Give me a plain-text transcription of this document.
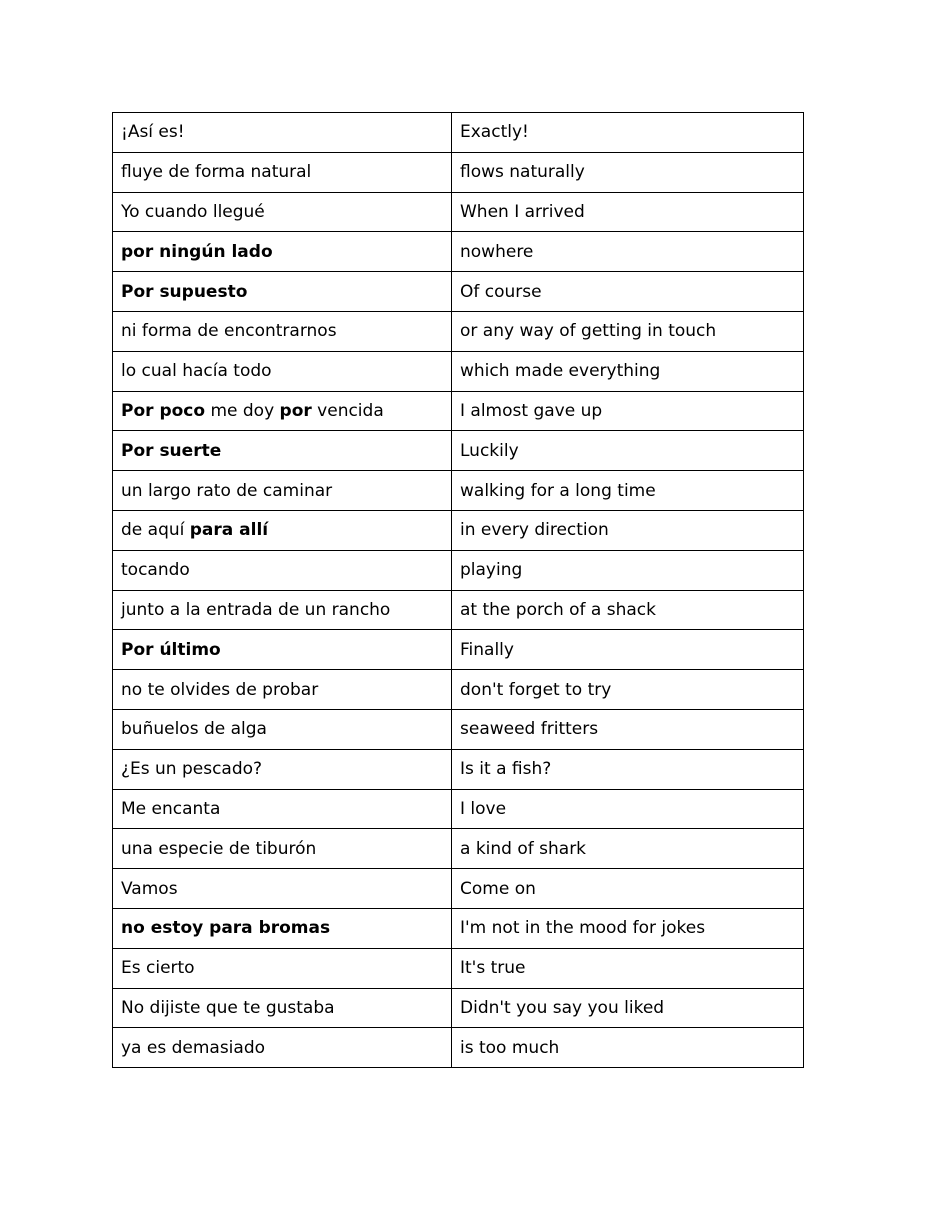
¡Así es!	Exactly!
fluye de forma natural	flows naturally
Yo cuando llegué	When I arrived
por ningún lado	nowhere
Por supuesto	Of course
ni forma de encontrarnos	or any way of getting in touch
lo cual hacía todo	which made everything
Por poco me doy por vencida	I almost gave up
Por suerte	Luckily
un largo rato de caminar	walking for a long time
de aquí para allí	in every direction
tocando	playing
junto a la entrada de un rancho	at the porch of a shack
Por último	Finally
no te olvides de probar	don't forget to try
buñuelos de alga	seaweed fritters
¿Es un pescado?	Is it a fish?
Me encanta	I love
una especie de tiburón	a kind of shark
Vamos	Come on
no estoy para bromas	I'm not in the mood for jokes
Es cierto	It's true
No dijiste que te gustaba	Didn't you say you liked
ya es demasiado	is too much
